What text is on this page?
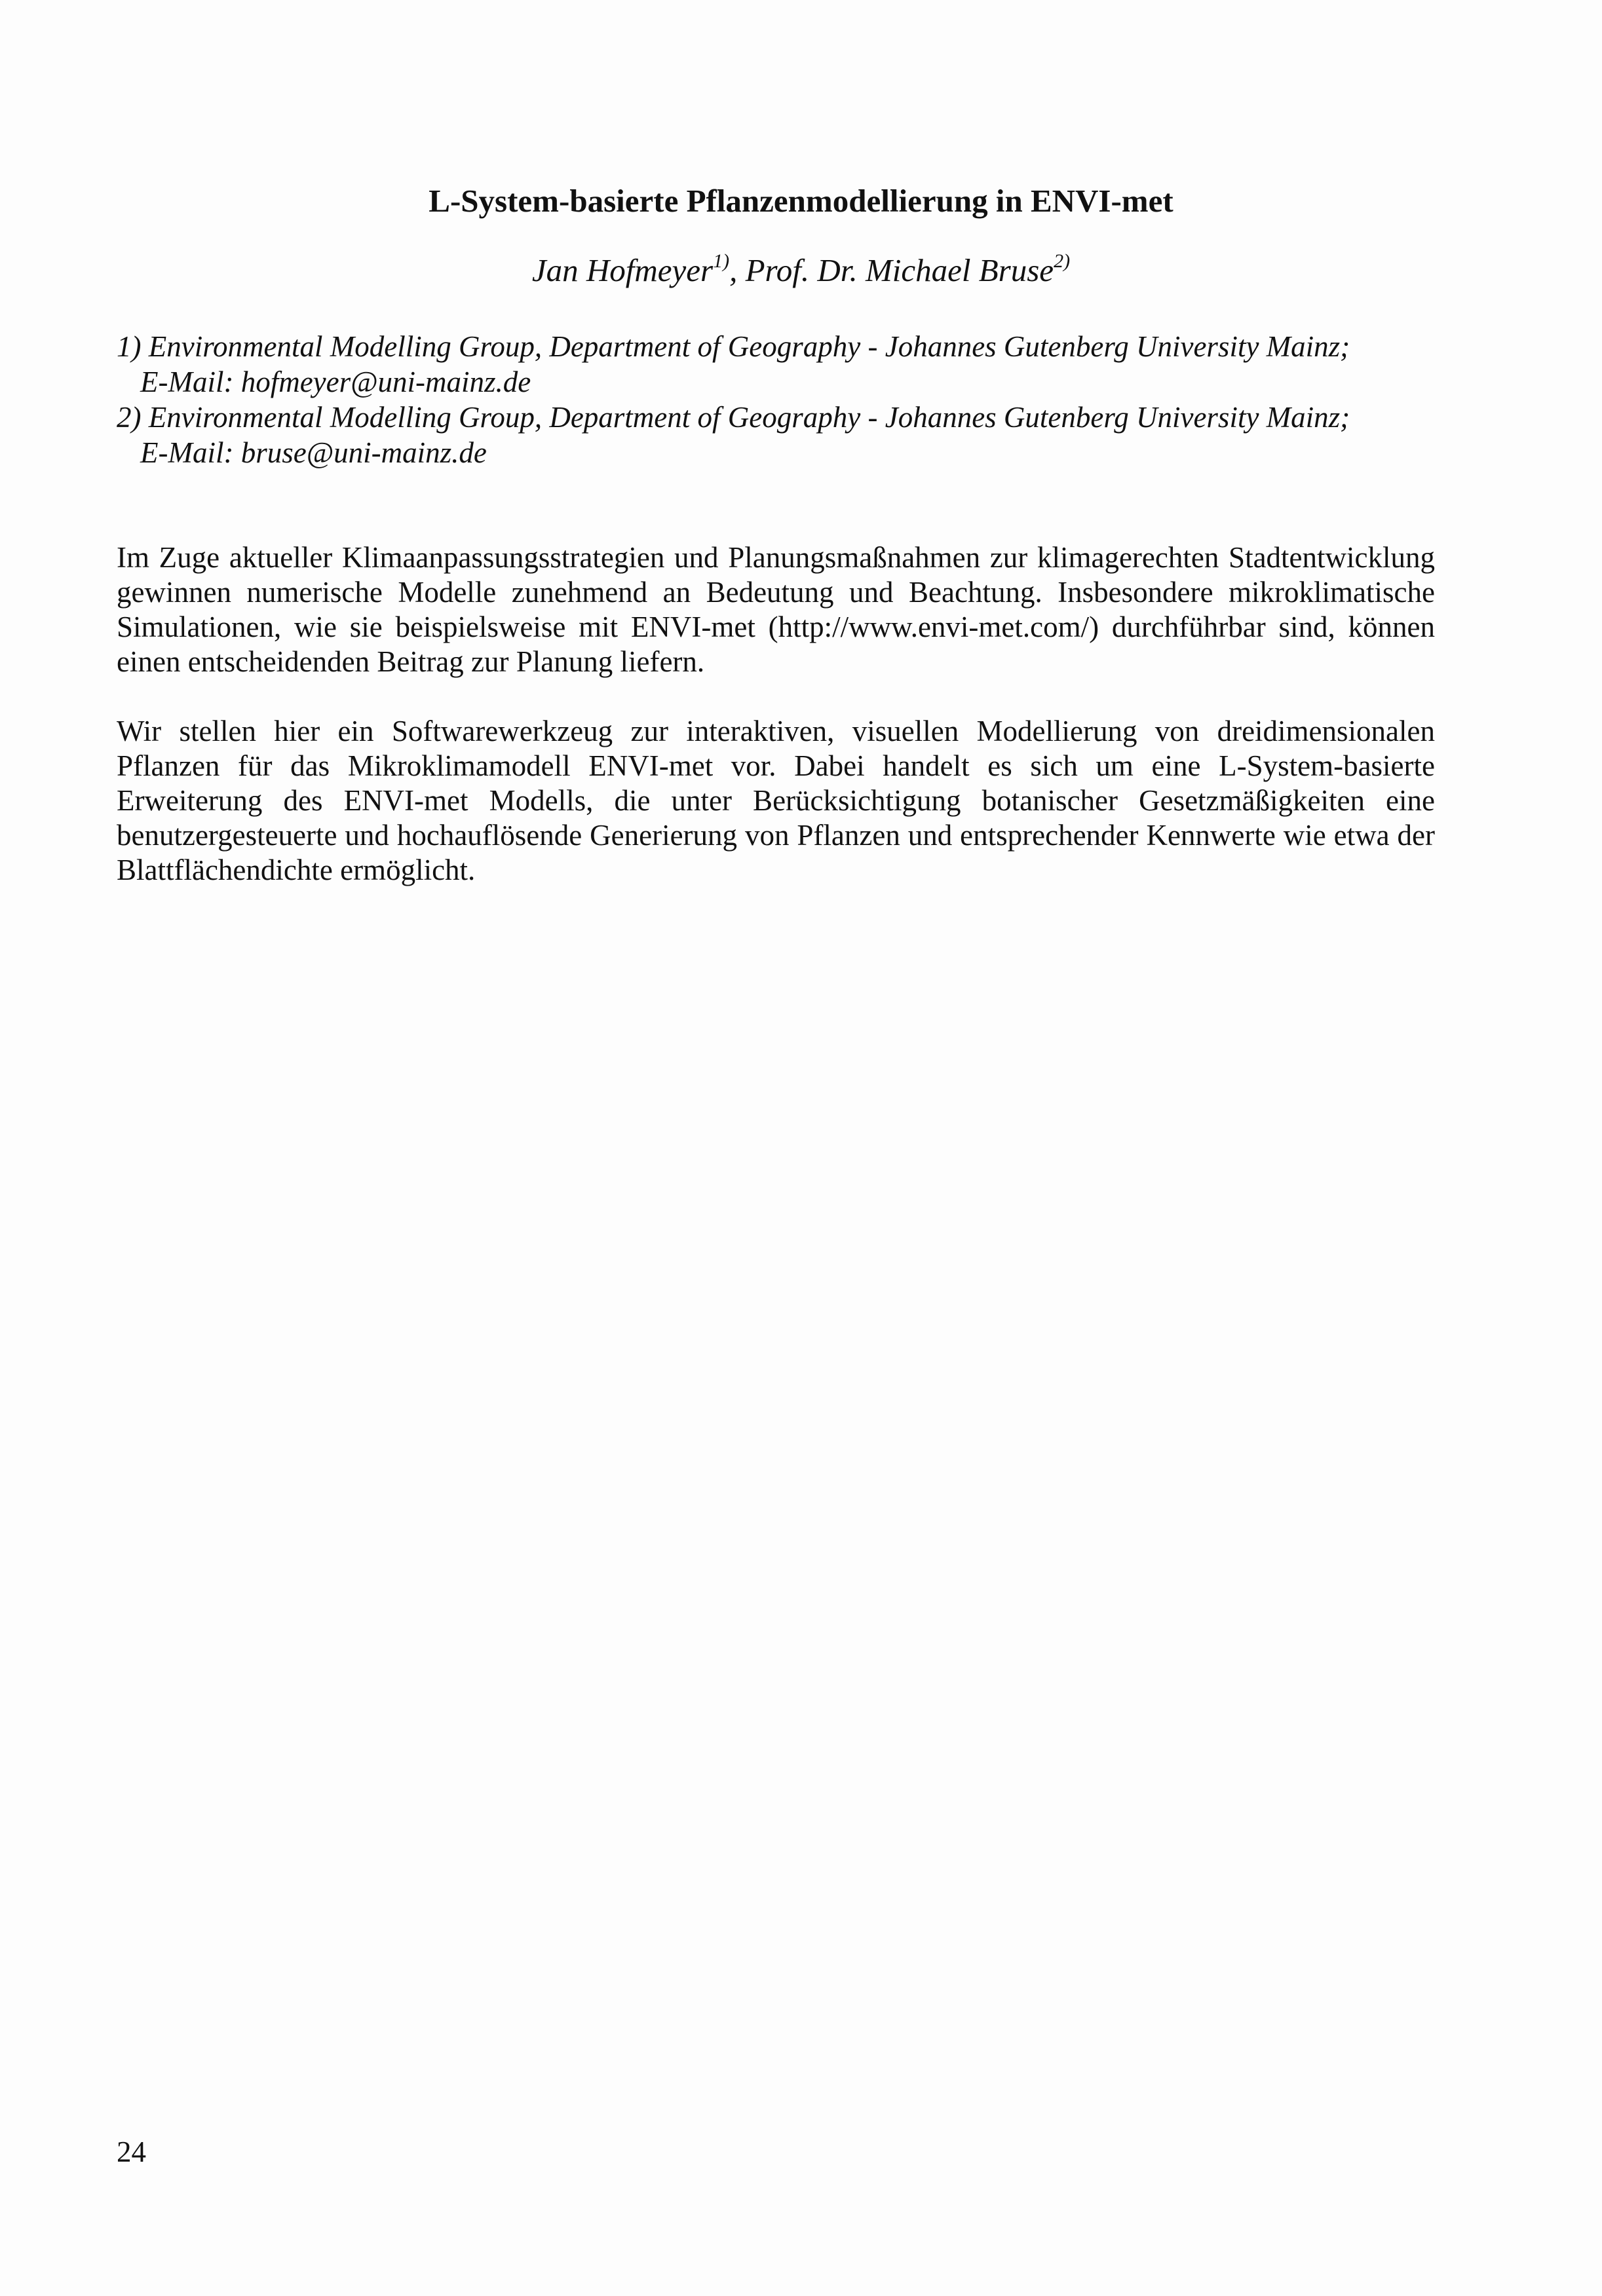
L-System-basierte Pflanzenmodellierung in ENVI-met

Jan Hofmeyer$^{1)}$, Prof. Dr. Michael Bruse$^{2)}$

1) Environmental Modelling Group, Department of Geography - Johannes Gutenberg University Mainz;
E-Mail: hofmeyer@uni-mainz.de
2) Environmental Modelling Group, Department of Geography - Johannes Gutenberg University Mainz;
E-Mail: bruse@uni-mainz.de

Im Zuge aktueller Klimaanpassungsstrategien und Planungsmaßnahmen zur klimagerechten Stadtentwicklung gewinnen numerische Modelle zunehmend an Bedeutung und Beachtung. Insbesondere mikroklimatische Simulationen, wie sie beispielsweise mit ENVI-met (http://www.envi-met.com/) durchführbar sind, können einen entscheidenden Beitrag zur Planung liefern.

Wir stellen hier ein Softwarewerkzeug zur interaktiven, visuellen Modellierung von dreidimensionalen Pflanzen für das Mikroklimamodell ENVI-met vor. Dabei handelt es sich um eine L-System-basierte Erweiterung des ENVI-met Modells, die unter Berücksichtigung botanischer Gesetzmäßigkeiten eine benutzergesteuerte und hochauflösende Generierung von Pflanzen und entsprechender Kennwerte wie etwa der Blattflächendichte ermöglicht.

24
